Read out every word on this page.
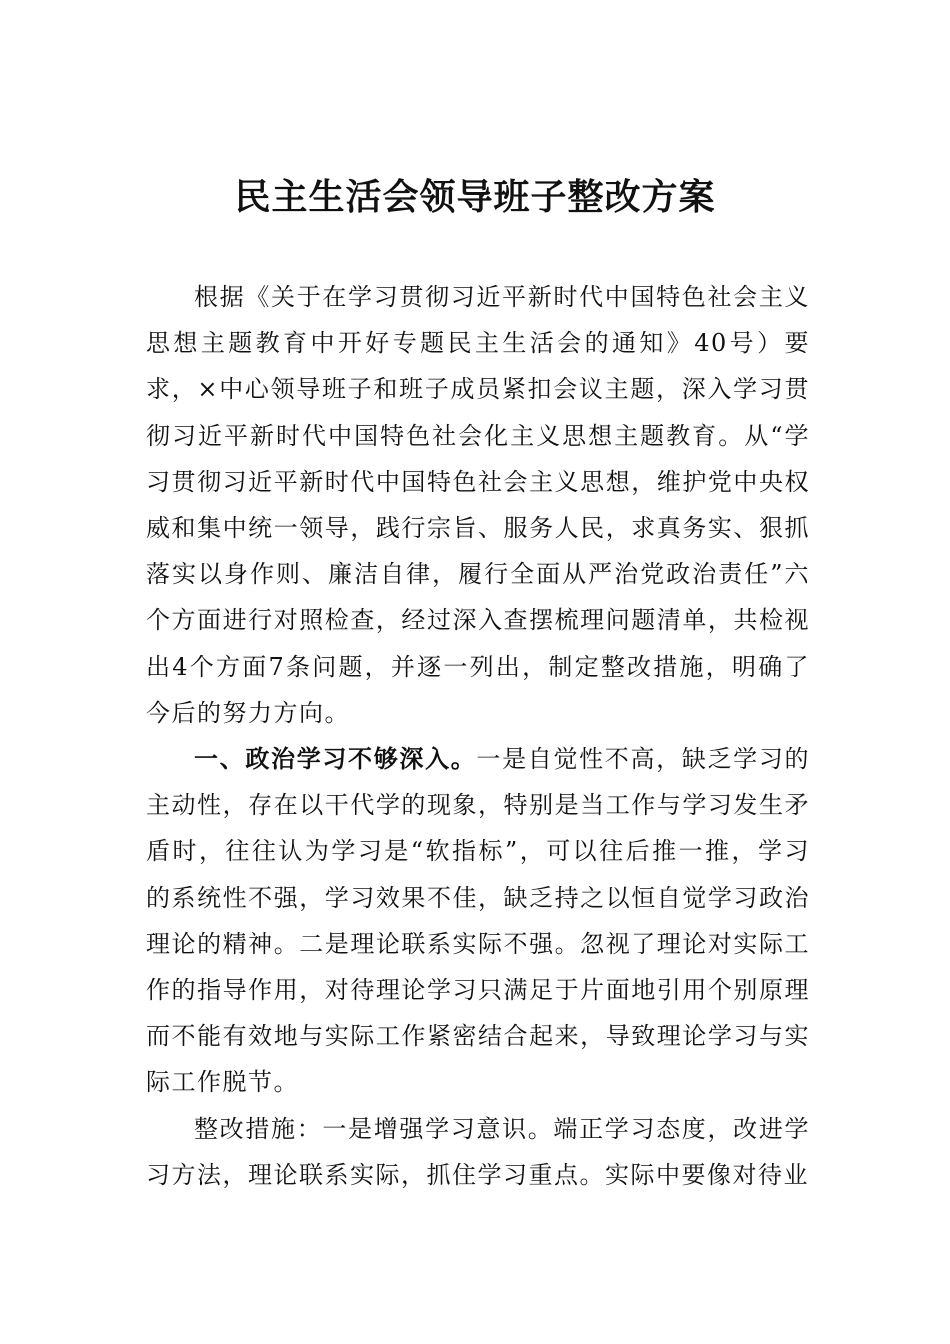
民主生活会领导班子整改方案

根据《关于在学习贯彻习近平新时代中国特色社会主义思想主题教育中开好专题民主生活会的通知》40号）要求，×中心领导班子和班子成员紧扣会议主题，深入学习贯彻习近平新时代中国特色社会化主义思想主题教育。从“学习贯彻习近平新时代中国特色社会主义思想，维护党中央权威和集中统一领导，践行宗旨、服务人民，求真务实、狠抓落实以身作则、廉洁自律，履行全面从严治党政治责任”六个方面进行对照检查，经过深入查摆梳理问题清单，共检视出4个方面7条问题，并逐一列出，制定整改措施，明确了今后的努力方向。

一、政治学习不够深入。一是自觉性不高，缺乏学习的主动性，存在以干代学的现象，特别是当工作与学习发生矛盾时，往往认为学习是“软指标”，可以往后推一推，学习的系统性不强，学习效果不佳，缺乏持之以恒自觉学习政治理论的精神。二是理论联系实际不强。忽视了理论对实际工作的指导作用，对待理论学习只满足于片面地引用个别原理而不能有效地与实际工作紧密结合起来，导致理论学习与实际工作脱节。

整改措施：一是增强学习意识。端正学习态度，改进学习方法，理论联系实际，抓住学习重点。实际中要像对待业
